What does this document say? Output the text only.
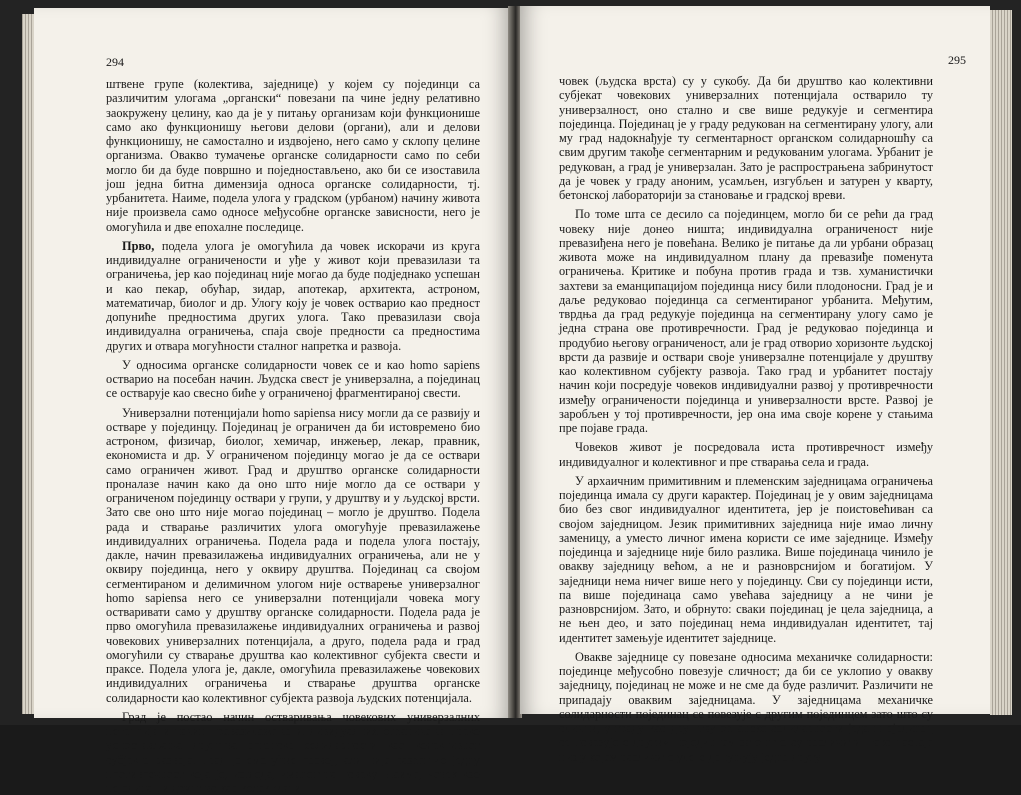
294

штвене групе (колектива, заједнице) у којем су појединци са различитим улогама „органски“ повезани па чине једну релативно заокружену целину, као да је у питању организам који функционише само ако функционишу његови делови (органи), али и делови функционишу, не самостално и издвојено, него само у склопу целине организма. Овакво тумачење органске солидарности само по себи могло би да буде површно и поједностављено, ако би се изоставила још једна битна димензија односа органске солидарности, тј. урбанитета. Наиме, подела улога у градском (урбаном) начину живота није произвела само односе међусобне органске зависности, него је омогућила и две епохалне последице.

Прво, подела улога је омогућила да човек искорачи из круга индивидуалне ограничености и уђе у живот који превазилази та ограничења, јер као појединац није могао да буде подједнако успешан и као пекар, обућар, зидар, апотекар, архитекта, астроном, математичар, биолог и др. Улогу коју је човек остварио као предност допуниће предностима других улога. Тако превазилази своја индивидуална ограничења, спаја своје предности са предностима других и отвара могућности сталног напретка и развоја.

У односима органске солидарности човек се и као homo sapiens остварио на посебан начин. Људска свест је универзална, а појединац се остварује као свесно биће у ограниченој фрагментираној свести.

Универзални потенцијали homo sapiensa нису могли да се развију и остваре у појединцу. Појединац је ограничен да би истовремено био астроном, физичар, биолог, хемичар, инжењер, лекар, правник, економиста и др. У ограниченом појединцу могао је да се оствари само ограничен живот. Град и друштво органске солидарности проналазе начин како да оно што није могло да се оствари у ограниченом појединцу оствари у групи, у друштву и у људској врсти. Зато све оно што није могао појединац – могло је друштво. Подела рада и стварање различитих улога омогућује превазилажење индивидуалних ограничења. Подела рада и подела улога постају, дакле, начин превазилажења индивидуалних ограничења, али не у оквиру појединца, него у оквиру друштва. Појединац са својом сегментираном и делимичном улогом није остварење универзалног homo sapiensa него се универзални потенцијали човека могу остваривати само у друштву органске солидарности. Подела рада је прво омогућила превазилажење индивидуалних ограничења и развој човекових универзалних потенцијала, а друго, подела рада и град омогућили су стварање друштва као колективног субјекта свести и праксе. Подела улога је, дакле, омогућила превазилажење човекових индивидуалних ограничења и стварање друштва органске солидарности као колективног субјекта развоја људских потенцијала.

Град је постао начин остваривања човекових универзалних потенција и начин превазилажења индивидуалних ограничења преко успостављања друштва органске солидарности као колективног субјекта развоја. Град је омогућио развој, али није разрешио једну противречност која је, изгледа, иманентна човеку. Наиме, човек као појединац и друштво као колективни

295

човек (људска врста) су у сукобу. Да би друштво као колективни субјекат човекових универзалних потенцијала остварило ту универзалност, оно стално и све више редукује и сегментира појединца. Појединац је у граду редукован на сегментирану улогу, али му град надокнађује ту сегментарност органском солидарношћу са свим другим такође сегментарним и редукованим улогама. Урбанит је редукован, а град је универзалан. Зато је распрострањена забринутост да је човек у граду аноним, усамљен, изгубљен и затурен у кварту, бетонској лабораторији за становање и градској вреви.

По томе шта се десило са појединцем, могло би се рећи да град човеку није донео ништа; индивидуална ограниченост није превазиђена него је повећана. Велико је питање да ли урбани образац живота може на индивидуалном плану да превазиђе поменута ограничења. Критике и побуна против града и тзв. хуманистички захтеви за еманципацијом појединца нису били плодоносни. Град је и даље редуковао појединца са сегментираног урбанита. Међутим, тврдња да град редукује појединца на сегментирану улогу само је једна страна ове противречности. Град је редуковао појединца и продубио његову ограниченост, али је град отворио хоризонте људској врсти да развије и оствари своје универзалне потенцијале у друштву као колективном субјекту развоја. Тако град и урбанитет постају начин који посредује човеков индивидуални развој у противречности између ограничености појединца и универзалности врсте. Развој је заробљен у тој противречности, јер она има своје корене у стањима пре појаве града.

Човеков живот је посредовала иста противречност између индивидуалног и колективног и пре стварања села и града.

У архаичним примитивним и племенским заједницама ограничења појединца имала су други карактер. Појединац је у овим заједницама био без свог индивидуалног идентитета, јер је поистовећиван са својом заједницом. Језик примитивних заједница није имао личну заменицу, а уместо личног имена користи се име заједнице. Између појединца и заједнице није било разлика. Више појединаца чинило је овакву заједницу већом, а не и разноврснијом и богатијом. У заједници нема ничег више него у појединцу. Сви су појединци исти, па више појединаца само увећава заједницу а не чини је разноврснијом. Зато, и обрнуто: сваки појединац је цела заједница, а не њен део, и зато појединац нема индивидуалан идентитет, тај идентитет замењује идентитет заједнице.

Овакве заједнице су повезане односима механичке солидарности: појединце међусобно повезује сличност; да би се уклопио у овакву заједницу, појединац не може и не сме да буде различит. Различити не припадају оваквим заједницама. У заједницама механичке солидарности појединац се повезује с другим појединцем зато што су слични, у граду као друштву органске солидарности један појединац се повезује с другим појединцем зато што су различити: тако настаје низ у којем различите улоге допуњују једна другу.
